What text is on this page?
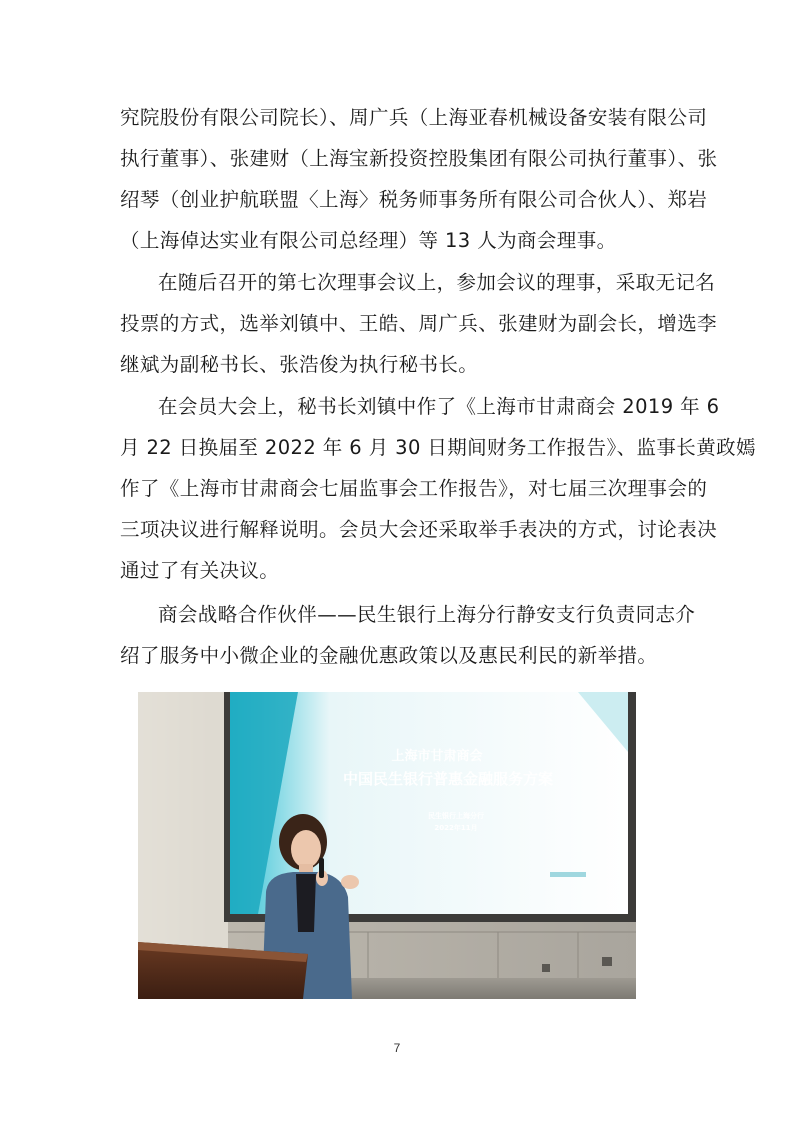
究院股份有限公司院长）、周广兵（上海亚春机械设备安装有限公司
执行董事）、张建财（上海宝新投资控股集团有限公司执行董事）、张
绍琴（创业护航联盟〈上海〉税务师事务所有限公司合伙人）、郑岩
（上海倬达实业有限公司总经理）等 13 人为商会理事。
在随后召开的第七次理事会议上，参加会议的理事，采取无记名
投票的方式，选举刘镇中、王皓、周广兵、张建财为副会长，增选李
继斌为副秘书长、张浩俊为执行秘书长。
在会员大会上，秘书长刘镇中作了《上海市甘肃商会 2019 年 6
月 22 日换届至 2022 年 6 月 30 日期间财务工作报告》、监事长黄政嫣
作了《上海市甘肃商会七届监事会工作报告》，对七届三次理事会的
三项决议进行解释说明。会员大会还采取举手表决的方式，讨论表决
通过了有关决议。
商会战略合作伙伴——民生银行上海分行静安支行负责同志介
绍了服务中小微企业的金融优惠政策以及惠民利民的新举措。
上海市甘肃商会
中国民生银行普惠金融服务方案
民生银行上海分行
2022年11月
7
